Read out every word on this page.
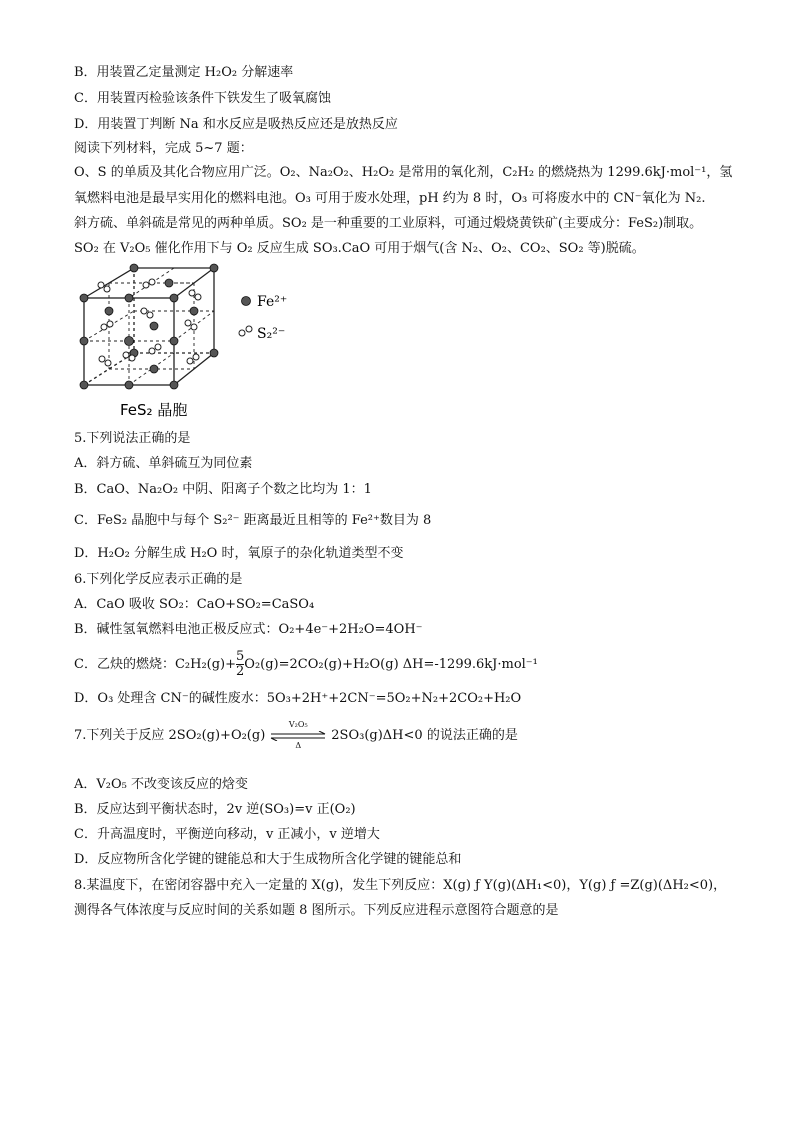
B．用装置乙定量测定 H₂O₂ 分解速率
C．用装置丙检验该条件下铁发生了吸氧腐蚀
D．用装置丁判断 Na 和水反应是吸热反应还是放热反应
阅读下列材料，完成 5~7 题：
O、S 的单质及其化合物应用广泛。O₂、Na₂O₂、H₂O₂ 是常用的氧化剂，C₂H₂ 的燃烧热为 1299.6kJ·mol⁻¹，氢
氧燃料电池是最早实用化的燃料电池。O₃ 可用于废水处理，pH 约为 8 时，O₃ 可将废水中的 CN⁻氧化为 N₂.
斜方硫、单斜硫是常见的两种单质。SO₂ 是一种重要的工业原料，可通过煅烧黄铁矿(主要成分：FeS₂)制取。
SO₂ 在 V₂O₅ 催化作用下与 O₂ 反应生成 SO₃.CaO 可用于烟气(含 N₂、O₂、CO₂、SO₂ 等)脱硫。
Fe²⁺
S₂²⁻
FeS₂ 晶胞
5.下列说法正确的是
A．斜方硫、单斜硫互为同位素
B．CaO、Na₂O₂ 中阴、阳离子个数之比均为 1：1
C．FeS₂ 晶胞中与每个 S₂²⁻ 距离最近且相等的 Fe²⁺数目为 8
D．H₂O₂ 分解生成 H₂O 时，氧原子的杂化轨道类型不变
6.下列化学反应表示正确的是
A．CaO 吸收 SO₂：CaO+SO₂=CaSO₄
B．碱性氢氧燃料电池正极反应式：O₂+4e⁻+2H₂O=4OH⁻
C．乙炔的燃烧：$C_2H_2(g)+ \frac{5}{2} O_2(g)=2CO_2(g)+H_2O(g)$ ΔH=-1299.6kJ·mol⁻¹
D．O₃ 处理含 CN⁻的碱性废水：5O₃+2H⁺+2CN⁻=5O₂+N₂+2CO₂+H₂O
7.下列关于反应 2SO₂(g)+O₂(g)
V₂O₅
Δ
2SO₃(g)ΔH<0 的说法正确的是
A．V₂O₅ 不改变该反应的焓变
B．反应达到平衡状态时，2v 逆(SO₃)=v 正(O₂)
C．升高温度时，平衡逆向移动，v 正减小，v 逆增大
D．反应物所含化学键的键能总和大于生成物所含化学键的键能总和
8.某温度下，在密闭容器中充入一定量的 X(g)，发生下列反应：X(g) ƒ Y(g)(ΔH₁<0)，Y(g) ƒ =Z(g)(ΔH₂<0)，
测得各气体浓度与反应时间的关系如题 8 图所示。下列反应进程示意图符合题意的是
